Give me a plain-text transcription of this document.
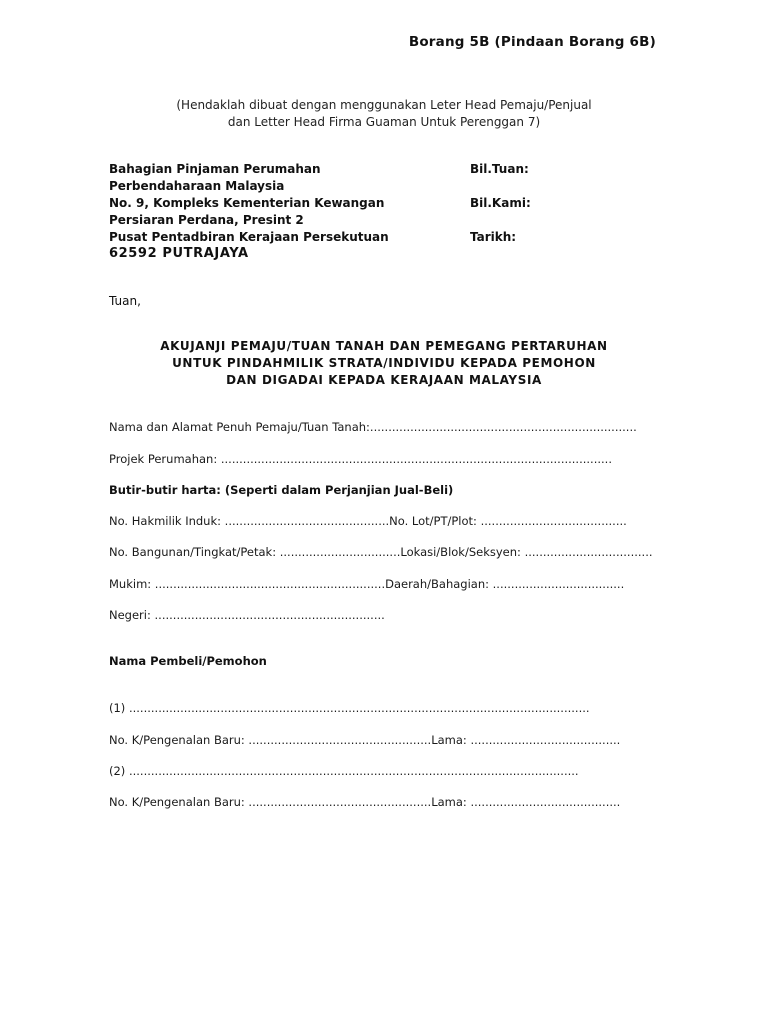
Borang 5B (Pindaan Borang 6B)
(Hendaklah dibuat dengan menggunakan Leter Head Pemaju/Penjual
dan Letter Head Firma Guaman Untuk Perenggan 7)
Bahagian Pinjaman Perumahan
Perbendaharaan Malaysia
No. 9, Kompleks Kementerian Kewangan
Persiaran Perdana, Presint 2
Pusat Pentadbiran Kerajaan Persekutuan
62592 PUTRAJAYA
Bil.Tuan:
Bil.Kami:
Tarikh:
Tuan,
AKUJANJI PEMAJU/TUAN TANAH DAN PEMEGANG PERTARUHAN
UNTUK PINDAHMILIK STRATA/INDIVIDU KEPADA PEMOHON
DAN DIGADAI KEPADA KERAJAAN MALAYSIA
Nama dan Alamat Penuh Pemaju/Tuan Tanah:.........................................................................
Projek Perumahan: ...........................................................................................................
Butir-butir harta: (Seperti dalam Perjanjian Jual-Beli)
No. Hakmilik Induk: .............................................No. Lot/PT/Plot: ........................................
No. Bangunan/Tingkat/Petak: .................................Lokasi/Blok/Seksyen: ...................................
Mukim: ...............................................................Daerah/Bahagian: ....................................
Negeri: ...............................................................
Nama Pembeli/Pemohon
(1) ..............................................................................................................................
No. K/Pengenalan Baru: ..................................................Lama: .........................................
(2) ...........................................................................................................................
No. K/Pengenalan Baru: ..................................................Lama: .........................................
